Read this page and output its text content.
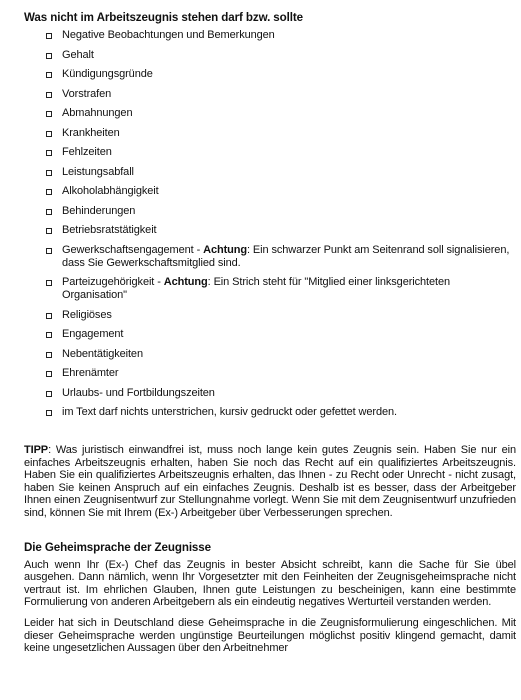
Was nicht im Arbeitszeugnis stehen darf bzw. sollte
Negative Beobachtungen und Bemerkungen
Gehalt
Kündigungsgründe
Vorstrafen
Abmahnungen
Krankheiten
Fehlzeiten
Leistungsabfall
Alkoholabhängigkeit
Behinderungen
Betriebsratstätigkeit
Gewerkschaftsengagement - Achtung: Ein schwarzer Punkt am Seitenrand soll signalisieren, dass Sie Gewerkschaftsmitglied sind.
Parteizugehörigkeit - Achtung: Ein Strich steht für "Mitglied einer linksgerichteten Organisation"
Religiöses
Engagement
Nebentätigkeiten
Ehrenämter
Urlaubs- und Fortbildungszeiten
im Text darf nichts unterstrichen, kursiv gedruckt oder gefettet werden.

TIPP: Was juristisch einwandfrei ist, muss noch lange kein gutes Zeugnis sein. Haben Sie nur ein einfaches Arbeitszeugnis erhalten, haben Sie noch das Recht auf ein qualifiziertes Arbeitszeugnis. Haben Sie ein qualifiziertes Arbeitszeugnis erhalten, das Ihnen - zu Recht oder Unrecht - nicht zusagt, haben Sie keinen Anspruch auf ein einfaches Zeugnis. Deshalb ist es besser, dass der Arbeitgeber Ihnen einen Zeugnisentwurf zur Stellungnahme vorlegt. Wenn Sie mit dem Zeugnisentwurf unzufrieden sind, können Sie mit Ihrem (Ex-) Arbeitgeber über Verbesserungen sprechen.

Die Geheimsprache der Zeugnisse

Auch wenn Ihr (Ex-) Chef das Zeugnis in bester Absicht schreibt, kann die Sache für Sie übel ausgehen. Dann nämlich, wenn Ihr Vorgesetzter mit den Feinheiten der Zeugnisgeheimsprache nicht vertraut ist. Im ehrlichen Glauben, Ihnen gute Leistungen zu bescheinigen, kann eine bestimmte Formulierung von anderen Arbeitgebern als ein eindeutig negatives Werturteil verstanden werden.

Leider hat sich in Deutschland diese Geheimsprache in die Zeugnisformulierung eingeschlichen. Mit dieser Geheimsprache werden ungünstige Beurteilungen möglichst positiv klingend gemacht, damit keine ungesetzlichen Aussagen über den Arbeitnehmer
